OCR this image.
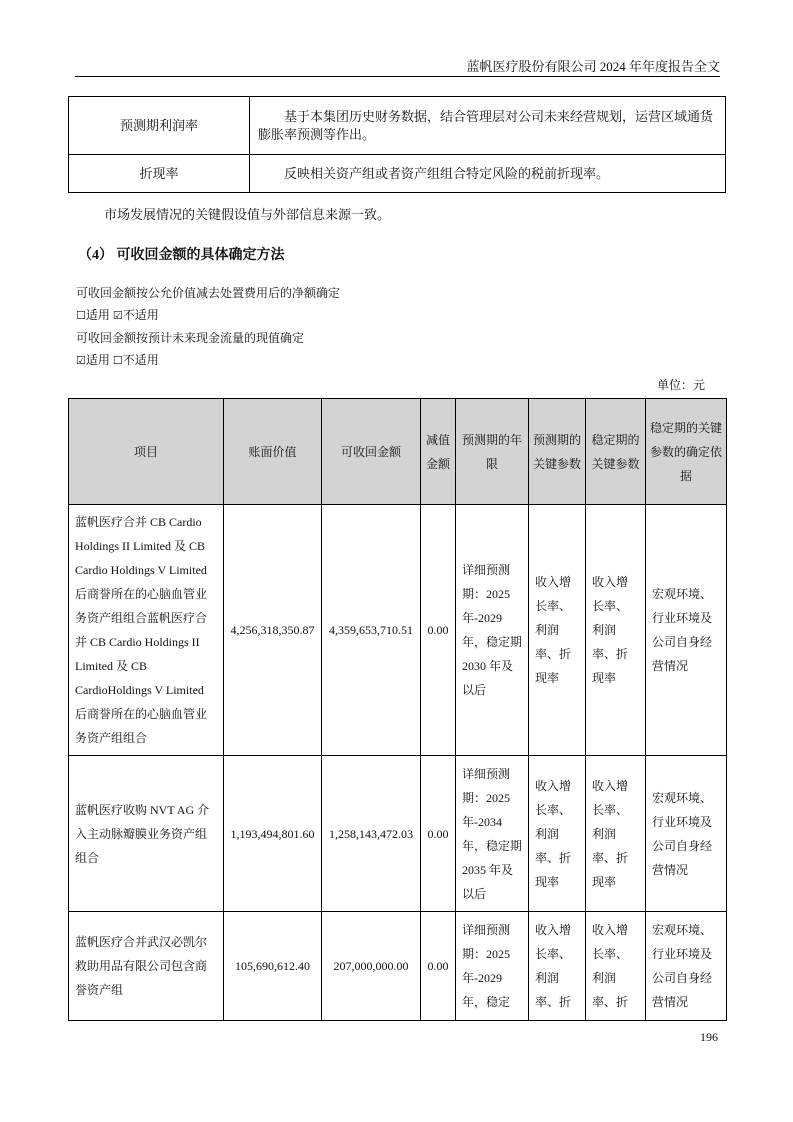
蓝帆医疗股份有限公司 2024 年年度报告全文
预测期利润率	基于本集团历史财务数据，结合管理层对公司未来经营规划，运营区域通货膨胀率预测等作出。
折现率	反映相关资产组或者资产组组合特定风险的税前折现率。
市场发展情况的关键假设值与外部信息来源一致。
（4） 可收回金额的具体确定方法
可收回金额按公允价值减去处置费用后的净额确定
☐适用 ☑不适用
可收回金额按预计未来现金流量的现值确定
☑适用 ☐不适用
单位：元
项目	账面价值	可收回金额	减值金额	预测期的年限	预测期的关键参数	稳定期的关键参数	稳定期的关键参数的确定依据
蓝帆医疗合并 CB Cardio Holdings II Limited 及 CB Cardio Holdings V Limited 后商誉所在的心脑血管业务资产组组合蓝帆医疗合并 CB Cardio Holdings II Limited 及 CB CardioHoldings V Limited 后商誉所在的心脑血管业务资产组组合	4,256,318,350.87	4,359,653,710.51	0.00	详细预测期：2025 年-2029 年，稳定期 2030 年及以后	收入增长率、利润率、折现率	收入增长率、利润率、折现率	宏观环境、行业环境及公司自身经营情况
蓝帆医疗收购 NVT AG 介入主动脉瓣膜业务资产组组合	1,193,494,801.60	1,258,143,472.03	0.00	详细预测期：2025 年-2034 年，稳定期 2035 年及以后	收入增长率、利润率、折现率	收入增长率、利润率、折现率	宏观环境、行业环境及公司自身经营情况
蓝帆医疗合并武汉必凯尔救助用品有限公司包含商誉资产组	105,690,612.40	207,000,000.00	0.00	详细预测期：2025 年-2029 年，稳定	收入增长率、利润率、折	收入增长率、利润率、折	宏观环境、行业环境及公司自身经营情况
196
